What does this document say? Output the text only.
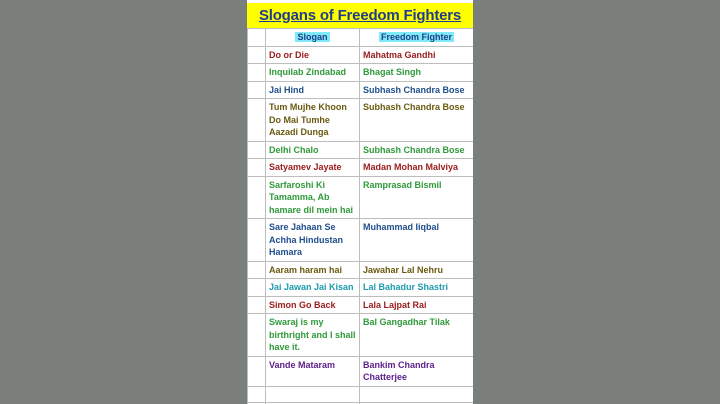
Slogans of Freedom Fighters
	Slogan	Freedom Fighter
	Do or Die	Mahatma Gandhi
	Inquilab Zindabad	Bhagat Singh
	Jai Hind	Subhash Chandra Bose
	Tum Mujhe Khoon Do Mai Tumhe Aazadi Dunga	Subhash Chandra Bose
	Delhi Chalo	Subhash Chandra Bose
	Satyamev Jayate	Madan Mohan Malviya
	Sarfaroshi Ki Tamamma, Ab hamare dil mein hai	Ramprasad Bismil
	Sare Jahaan Se Achha Hindustan Hamara	Muhammad Iiqbal
	Aaram haram hai	Jawahar Lal Nehru
	Jai Jawan Jai Kisan	Lal Bahadur Shastri
	Simon Go Back	Lala Lajpat Rai
	Swaraj is my birthright and I shall have it.	Bal Gangadhar Tilak
	Vande Mataram	Bankim Chandra Chatterjee
